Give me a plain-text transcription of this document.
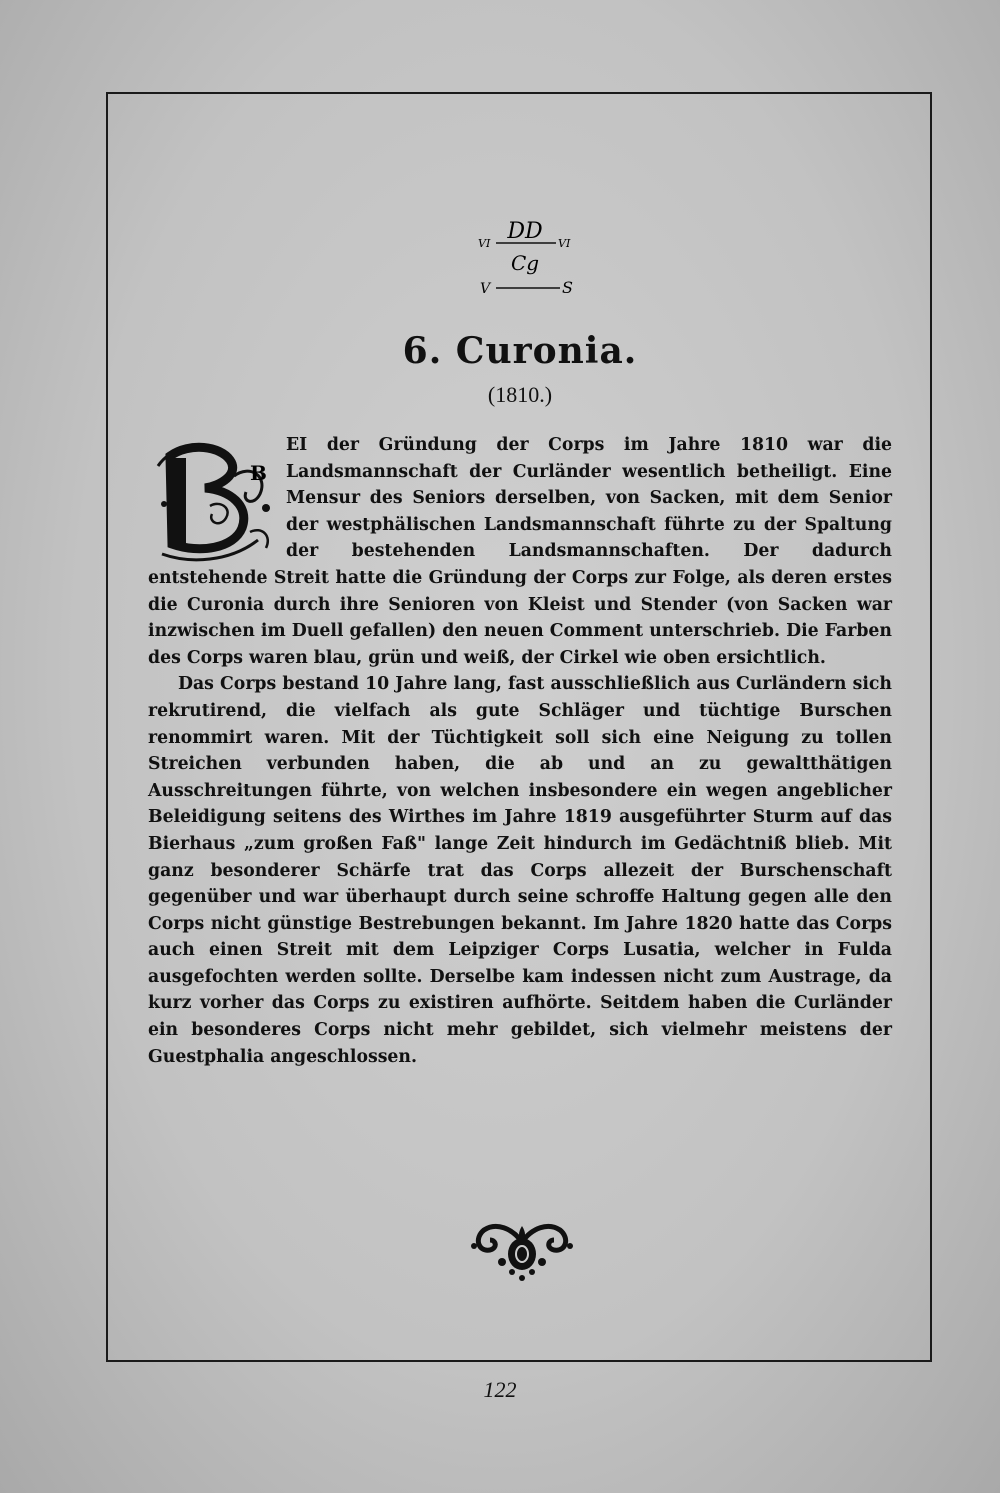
DD
VI	VI
Cg
V	S
6. Curonia.
(1810.)
B

EI der Gründung der Corps im Jahre 1810 war die Landsmannschaft der Curländer wesentlich betheiligt. Eine Mensur des Seniors derselben, von Sacken, mit dem Senior der westphälischen Landsmannschaft führte zu der Spaltung der bestehenden Landsmannschaften. Der dadurch entstehende Streit hatte die Gründung der Corps zur Folge, als deren erstes die Curonia durch ihre Senioren von Kleist und Stender (von Sacken war inzwischen im Duell gefallen) den neuen Comment unterschrieb. Die Farben des Corps waren blau, grün und weiß, der Cirkel wie oben ersichtlich.

Das Corps bestand 10 Jahre lang, fast ausschließlich aus Curländern sich rekrutirend, die vielfach als gute Schläger und tüchtige Burschen renommirt waren. Mit der Tüchtigkeit soll sich eine Neigung zu tollen Streichen verbunden haben, die ab und an zu gewaltthätigen Ausschreitungen führte, von welchen insbesondere ein wegen angeblicher Beleidigung seitens des Wirthes im Jahre 1819 ausgeführter Sturm auf das Bierhaus „zum großen Faß" lange Zeit hindurch im Gedächtniß blieb. Mit ganz besonderer Schärfe trat das Corps allezeit der Burschenschaft gegenüber und war überhaupt durch seine schroffe Haltung gegen alle den Corps nicht günstige Bestrebungen bekannt. Im Jahre 1820 hatte das Corps auch einen Streit mit dem Leipziger Corps Lusatia, welcher in Fulda ausgefochten werden sollte. Derselbe kam indessen nicht zum Austrage, da kurz vorher das Corps zu existiren aufhörte. Seitdem haben die Curländer ein besonderes Corps nicht mehr gebildet, sich vielmehr meistens der Guestphalia angeschlossen.

122
